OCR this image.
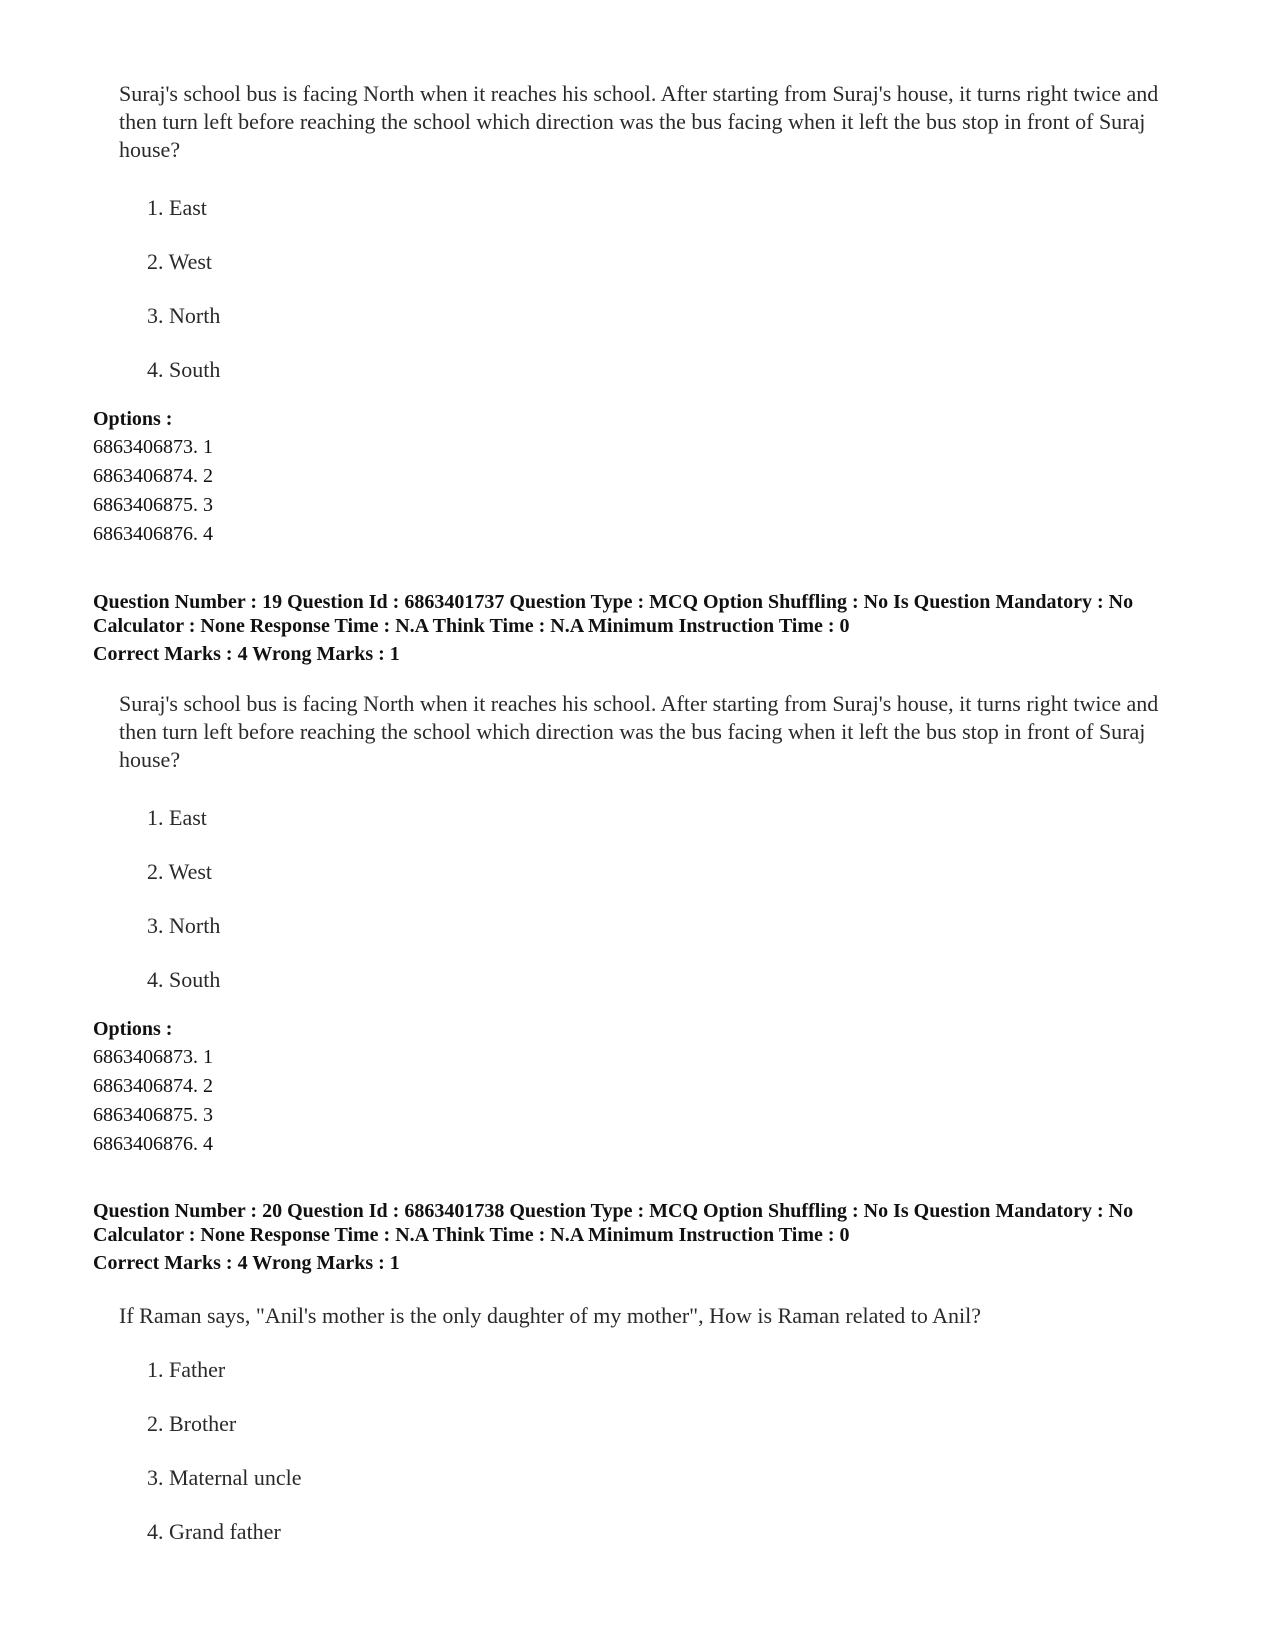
Suraj's school bus is facing North when it reaches his school. After starting from Suraj's house, it turns right twice and then turn left before reaching the school which direction was the bus facing when it left the bus stop in front of Suraj house?

1. East

2. West

3. North

4. South

Options :

6863406873. 1

6863406874. 2

6863406875. 3

6863406876. 4

Question Number : 19 Question Id : 6863401737 Question Type : MCQ Option Shuffling : No Is Question Mandatory : No Calculator : None Response Time : N.A Think Time : N.A Minimum Instruction Time : 0

Correct Marks : 4 Wrong Marks : 1

Suraj's school bus is facing North when it reaches his school. After starting from Suraj's house, it turns right twice and then turn left before reaching the school which direction was the bus facing when it left the bus stop in front of Suraj house?

1. East

2. West

3. North

4. South

Options :

6863406873. 1

6863406874. 2

6863406875. 3

6863406876. 4

Question Number : 20 Question Id : 6863401738 Question Type : MCQ Option Shuffling : No Is Question Mandatory : No Calculator : None Response Time : N.A Think Time : N.A Minimum Instruction Time : 0

Correct Marks : 4 Wrong Marks : 1

If Raman says, "Anil's mother is the only daughter of my mother", How is Raman related to Anil?

1. Father

2. Brother

3. Maternal uncle

4. Grand father
